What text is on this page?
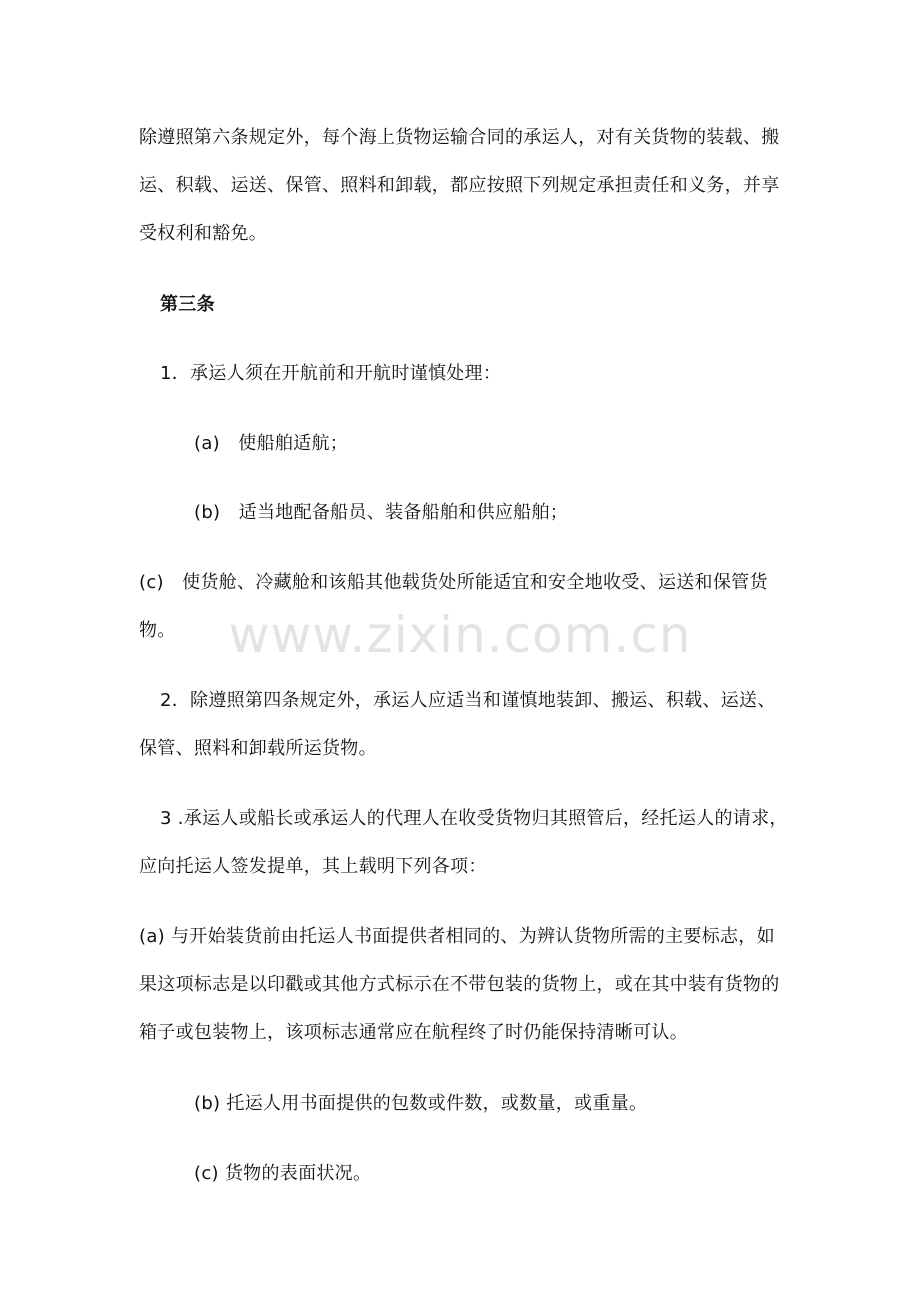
除遵照第六条规定外，每个海上货物运输合同的承运人，对有关货物的装载、搬
运、积载、运送、保管、照料和卸载，都应按照下列规定承担责任和义务，并享
受权利和豁免。
第三条
1．承运人须在开航前和开航时谨慎处理：
(a)　使船舶适航；
(b)　适当地配备船员、装备船舶和供应船舶；
(c)　使货舱、冷藏舱和该船其他载货处所能适宜和安全地收受、运送和保管货
物。
2．除遵照第四条规定外，承运人应适当和谨慎地装卸、搬运、积载、运送、
保管、照料和卸载所运货物。
3 .承运人或船长或承运人的代理人在收受货物归其照管后，经托运人的请求，
应向托运人签发提单，其上载明下列各项：
(a) 与开始装货前由托运人书面提供者相同的、为辨认货物所需的主要标志，如
果这项标志是以印戳或其他方式标示在不带包装的货物上，或在其中装有货物的
箱子或包装物上，该项标志通常应在航程终了时仍能保持清晰可认。
(b) 托运人用书面提供的包数或件数，或数量，或重量。
(c) 货物的表面状况。
www.zixin.com.cn
